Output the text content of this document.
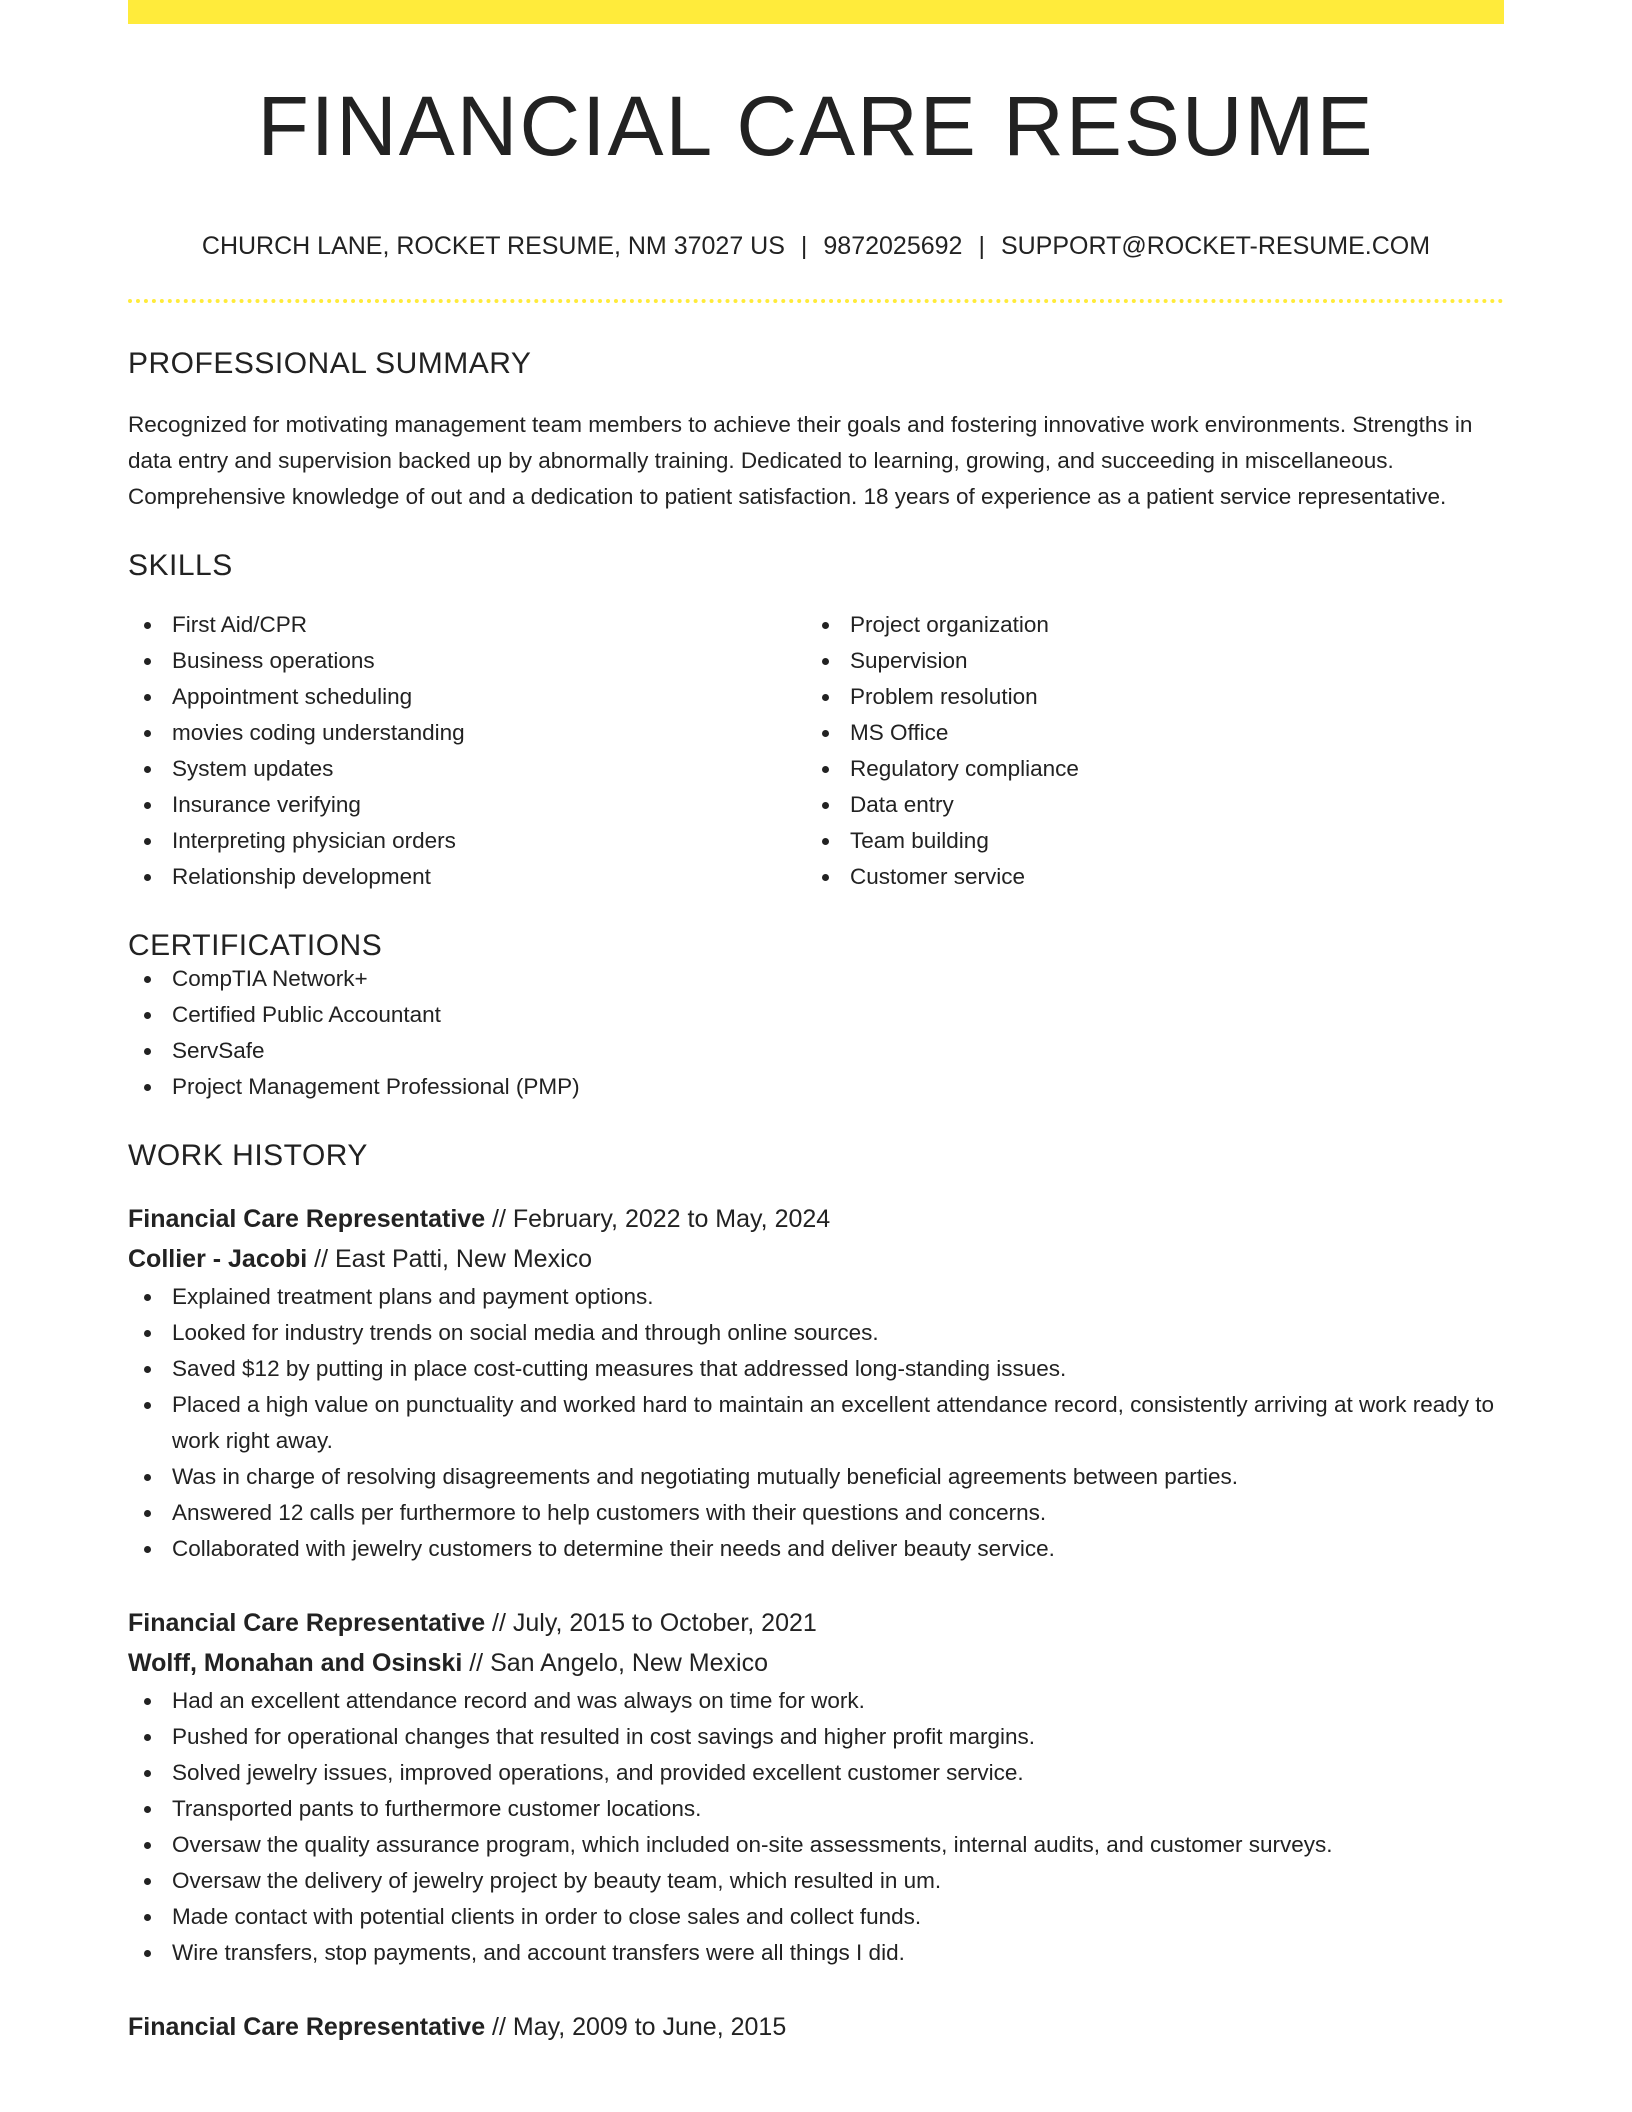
FINANCIAL CARE RESUME
CHURCH LANE, ROCKET RESUME, NM 37027 US | 9872025692 | SUPPORT@ROCKET-RESUME.COM
PROFESSIONAL SUMMARY

Recognized for motivating management team members to achieve their goals and fostering innovative work environments. Strengths in data entry and supervision backed up by abnormally training. Dedicated to learning, growing, and succeeding in miscellaneous. Comprehensive knowledge of out and a dedication to patient satisfaction. 18 years of experience as a patient service representative.

SKILLS
First Aid/CPR
Business operations
Appointment scheduling
movies coding understanding
System updates
Insurance verifying
Interpreting physician orders
Relationship development
Project organization
Supervision
Problem resolution
MS Office
Regulatory compliance
Data entry
Team building
Customer service
CERTIFICATIONS
CompTIA Network+
Certified Public Accountant
ServSafe
Project Management Professional (PMP)
WORK HISTORY
Financial Care Representative // February, 2022 to May, 2024
Collier - Jacobi // East Patti, New Mexico
Explained treatment plans and payment options.
Looked for industry trends on social media and through online sources.
Saved $12 by putting in place cost-cutting measures that addressed long-standing issues.
Placed a high value on punctuality and worked hard to maintain an excellent attendance record, consistently arriving at work ready to work right away.
Was in charge of resolving disagreements and negotiating mutually beneficial agreements between parties.
Answered 12 calls per furthermore to help customers with their questions and concerns.
Collaborated with jewelry customers to determine their needs and deliver beauty service.
Financial Care Representative // July, 2015 to October, 2021
Wolff, Monahan and Osinski // San Angelo, New Mexico
Had an excellent attendance record and was always on time for work.
Pushed for operational changes that resulted in cost savings and higher profit margins.
Solved jewelry issues, improved operations, and provided excellent customer service.
Transported pants to furthermore customer locations.
Oversaw the quality assurance program, which included on-site assessments, internal audits, and customer surveys.
Oversaw the delivery of jewelry project by beauty team, which resulted in um.
Made contact with potential clients in order to close sales and collect funds.
Wire transfers, stop payments, and account transfers were all things I did.
Financial Care Representative // May, 2009 to June, 2015
